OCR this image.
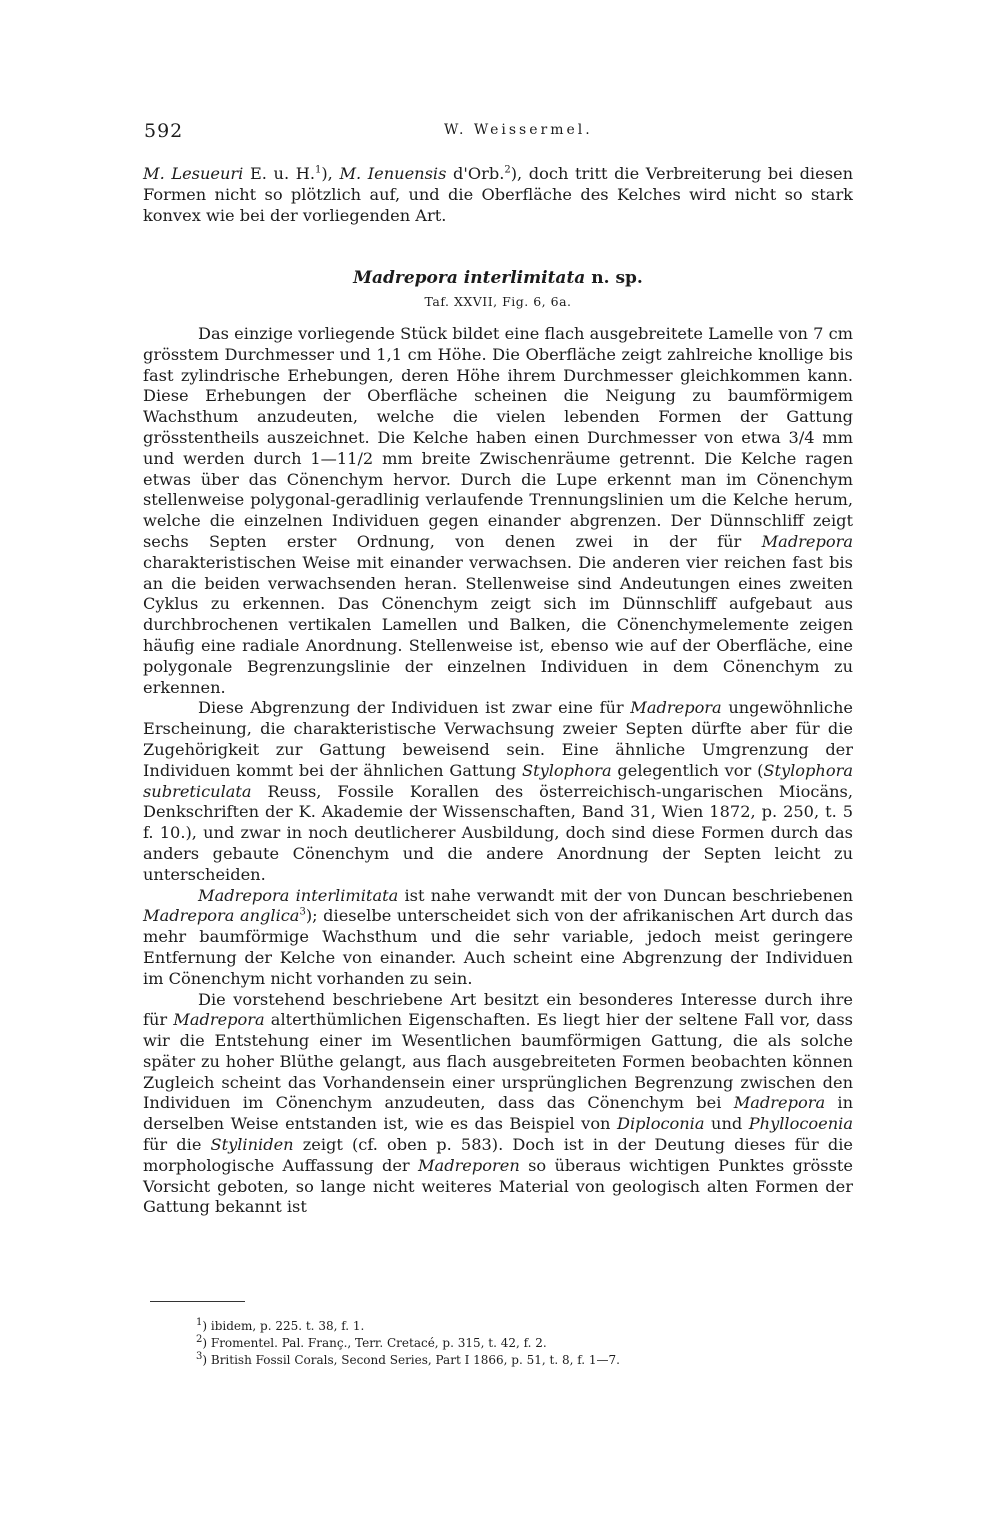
592	W. Weissermel.

M. Lesueuri E. u. H.$^1$), M. Ienuensis d'Orb.$^2$), doch tritt die Verbreiterung bei diesen Formen nicht so plötzlich auf, und die Oberfläche des Kelches wird nicht so stark konvex wie bei der vorliegenden Art.

Madrepora interlimitata n. sp.
Taf. XXVII, Fig. 6, 6a.

Das einzige vorliegende Stück bildet eine flach ausgebreitete Lamelle von 7 cm grösstem Durchmesser und 1,1 cm Höhe. Die Oberfläche zeigt zahlreiche knollige bis fast zylindrische Erhebungen, deren Höhe ihrem Durchmesser gleichkommen kann. Diese Erhebungen der Oberfläche scheinen die Neigung zu baumförmigem Wachsthum anzudeuten, welche die vielen lebenden Formen der Gattung grösstentheils auszeichnet. Die Kelche haben einen Durchmesser von etwa 3/4 mm und werden durch 1—11/2 mm breite Zwischenräume getrennt. Die Kelche ragen etwas über das Cönenchym hervor. Durch die Lupe erkennt man im Cönenchym stellenweise polygonal-geradlinig verlaufende Trennungslinien um die Kelche herum, welche die einzelnen Individuen gegen einander abgrenzen. Der Dünnschliff zeigt sechs Septen erster Ordnung, von denen zwei in der für Madrepora charakteristischen Weise mit einander verwachsen. Die anderen vier reichen fast bis an die beiden verwachsenden heran. Stellenweise sind Andeutungen eines zweiten Cyklus zu erkennen. Das Cönenchym zeigt sich im Dünnschliff aufgebaut aus durchbrochenen vertikalen Lamellen und Balken, die Cönenchymelemente zeigen häufig eine radiale Anordnung. Stellenweise ist, ebenso wie auf der Oberfläche, eine polygonale Begrenzungslinie der einzelnen Individuen in dem Cönenchym zu erkennen.

Diese Abgrenzung der Individuen ist zwar eine für Madrepora ungewöhnliche Erscheinung, die charakteristische Verwachsung zweier Septen dürfte aber für die Zugehörigkeit zur Gattung beweisend sein. Eine ähnliche Umgrenzung der Individuen kommt bei der ähnlichen Gattung Stylophora gelegentlich vor (Stylophora subreticulata Reuss, Fossile Korallen des österreichisch-ungarischen Miocäns, Denkschriften der K. Akademie der Wissenschaften, Band 31, Wien 1872, p. 250, t. 5 f. 10.), und zwar in noch deutlicherer Ausbildung, doch sind diese Formen durch das anders gebaute Cönenchym und die andere Anordnung der Septen leicht zu unterscheiden.

Madrepora interlimitata ist nahe verwandt mit der von Duncan beschriebenen Madrepora anglica$^3$); dieselbe unterscheidet sich von der afrikanischen Art durch das mehr baumförmige Wachsthum und die sehr variable, jedoch meist geringere Entfernung der Kelche von einander. Auch scheint eine Abgrenzung der Individuen im Cönenchym nicht vorhanden zu sein.

Die vorstehend beschriebene Art besitzt ein besonderes Interesse durch ihre für Madrepora alterthümlichen Eigenschaften. Es liegt hier der seltene Fall vor, dass wir die Entstehung einer im Wesentlichen baumförmigen Gattung, die als solche später zu hoher Blüthe gelangt, aus flach ausgebreiteten Formen beobachten können Zugleich scheint das Vorhandensein einer ursprünglichen Begrenzung zwischen den Individuen im Cönenchym anzudeuten, dass das Cönenchym bei Madrepora in derselben Weise entstanden ist, wie es das Beispiel von Diploconia und Phyllocoenia für die Styliniden zeigt (cf. oben p. 583). Doch ist in der Deutung dieses für die morphologische Auffassung der Madreporen so überaus wichtigen Punktes grösste Vorsicht geboten, so lange nicht weiteres Material von geologisch alten Formen der Gattung bekannt ist

$^1$) ibidem, p. 225. t. 38, f. 1.

$^2$) Fromentel. Pal. Franç., Terr. Cretacé, p. 315, t. 42, f. 2.

$^3$) British Fossil Corals, Second Series, Part I 1866, p. 51, t. 8, f. 1—7.
